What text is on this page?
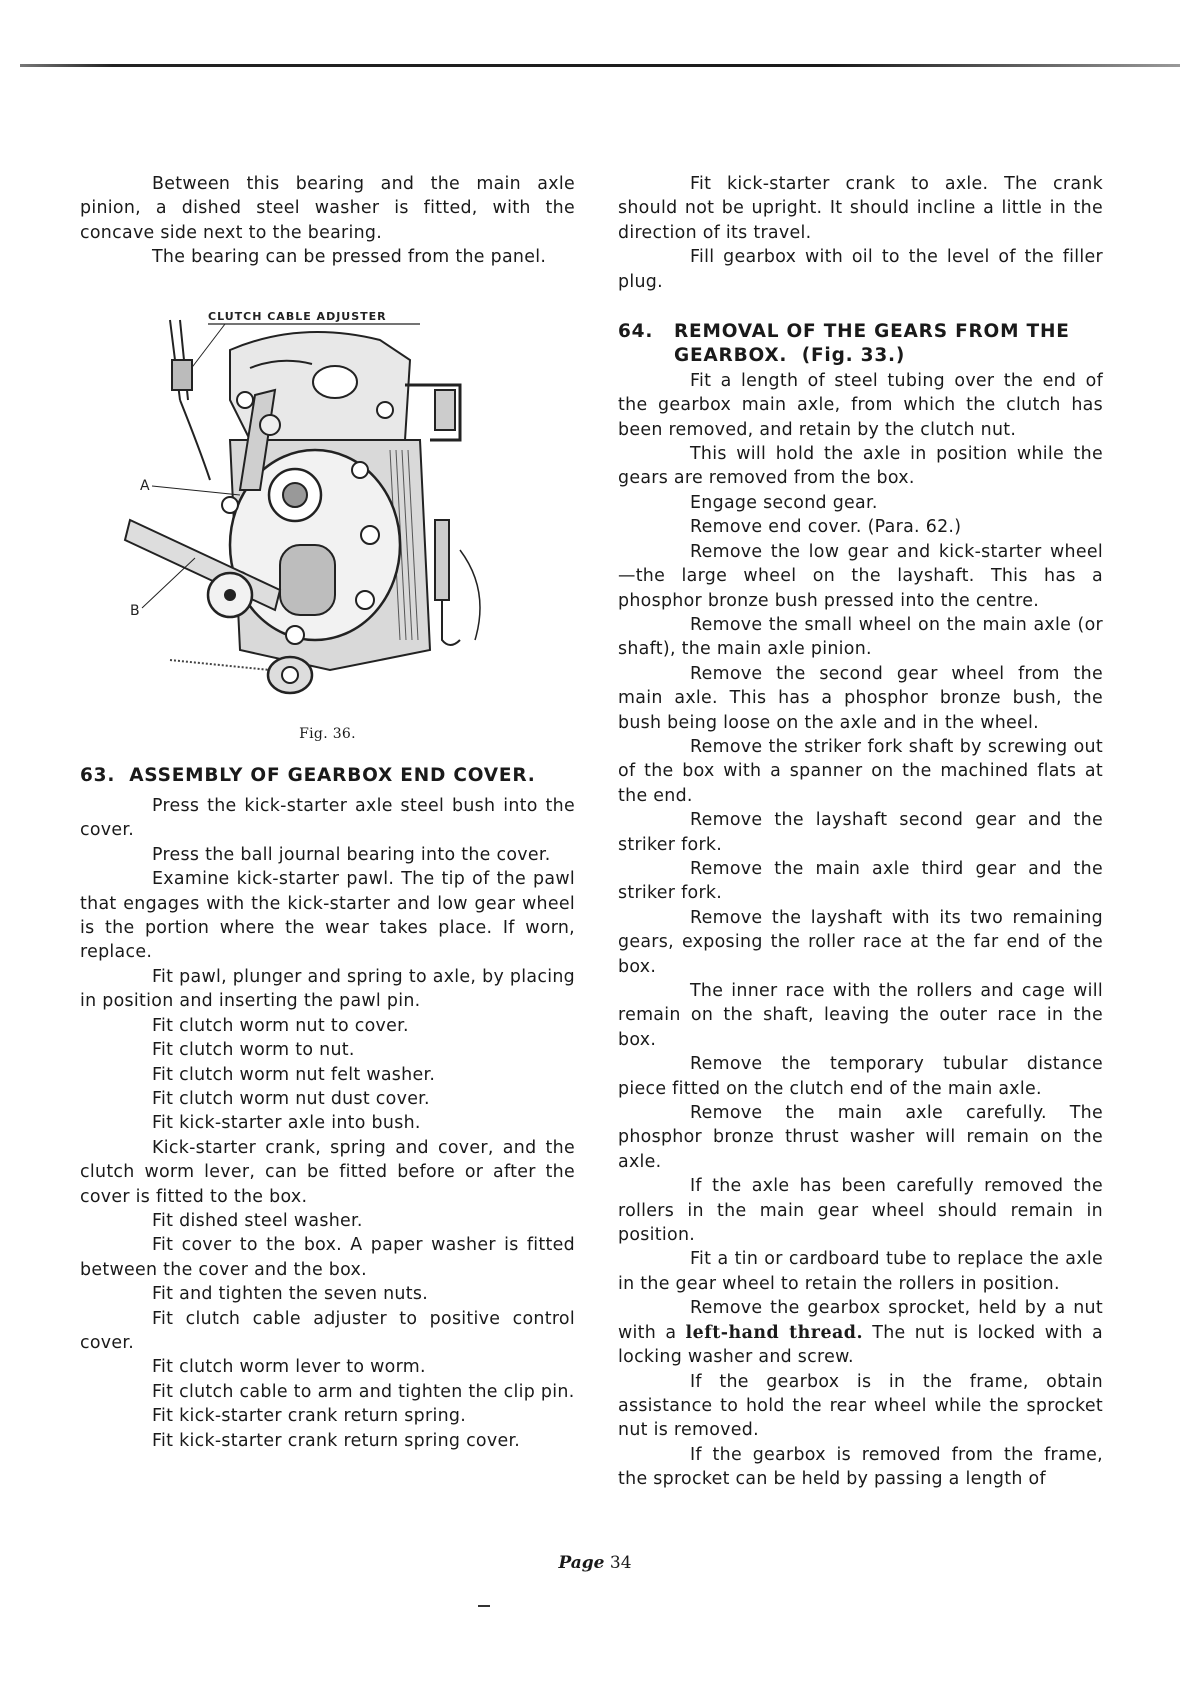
Between this bearing and the main axle pinion, a dished steel washer is fitted, with the concave side next to the bearing.

The bearing can be pressed from the panel.

CLUTCH CABLE ADJUSTER
A
B
Fig. 36.
63. ASSEMBLY OF GEARBOX END COVER.

Press the kick-starter axle steel bush into the cover.

Press the ball journal bearing into the cover.

Examine kick-starter pawl. The tip of the pawl that engages with the kick-starter and low gear wheel is the portion where the wear takes place. If worn, replace.

Fit pawl, plunger and spring to axle, by placing in position and inserting the pawl pin.

Fit clutch worm nut to cover.

Fit clutch worm to nut.

Fit clutch worm nut felt washer.

Fit clutch worm nut dust cover.

Fit kick-starter axle into bush.

Kick-starter crank, spring and cover, and the clutch worm lever, can be fitted before or after the cover is fitted to the box.

Fit dished steel washer.

Fit cover to the box. A paper washer is fitted between the cover and the box.

Fit and tighten the seven nuts.

Fit clutch cable adjuster to positive control cover.

Fit clutch worm lever to worm.

Fit clutch cable to arm and tighten the clip pin.

Fit kick-starter crank return spring.

Fit kick-starter crank return spring cover.

Fit kick-starter crank to axle. The crank should not be upright. It should incline a little in the direction of its travel.

Fill gearbox with oil to the level of the filler plug.

64. REMOVAL OF THE GEARS FROM THE GEARBOX. (Fig. 33.)

Fit a length of steel tubing over the end of the gearbox main axle, from which the clutch has been removed, and retain by the clutch nut.

This will hold the axle in position while the gears are removed from the box.

Engage second gear.

Remove end cover. (Para. 62.)

Remove the low gear and kick-starter wheel—the large wheel on the layshaft. This has a phosphor bronze bush pressed into the centre.

Remove the small wheel on the main axle (or shaft), the main axle pinion.

Remove the second gear wheel from the main axle. This has a phosphor bronze bush, the bush being loose on the axle and in the wheel.

Remove the striker fork shaft by screwing out of the box with a spanner on the machined flats at the end.

Remove the layshaft second gear and the striker fork.

Remove the main axle third gear and the striker fork.

Remove the layshaft with its two remaining gears, exposing the roller race at the far end of the box.

The inner race with the rollers and cage will remain on the shaft, leaving the outer race in the box.

Remove the temporary tubular distance piece fitted on the clutch end of the main axle.

Remove the main axle carefully. The phosphor bronze thrust washer will remain on the axle.

If the axle has been carefully removed the rollers in the main gear wheel should remain in position.

Fit a tin or cardboard tube to replace the axle in the gear wheel to retain the rollers in position.

Remove the gearbox sprocket, held by a nut with a left-hand thread. The nut is locked with a locking washer and screw.

If the gearbox is in the frame, obtain assistance to hold the rear wheel while the sprocket nut is removed.

If the gearbox is removed from the frame, the sprocket can be held by passing a length of

Page 34
